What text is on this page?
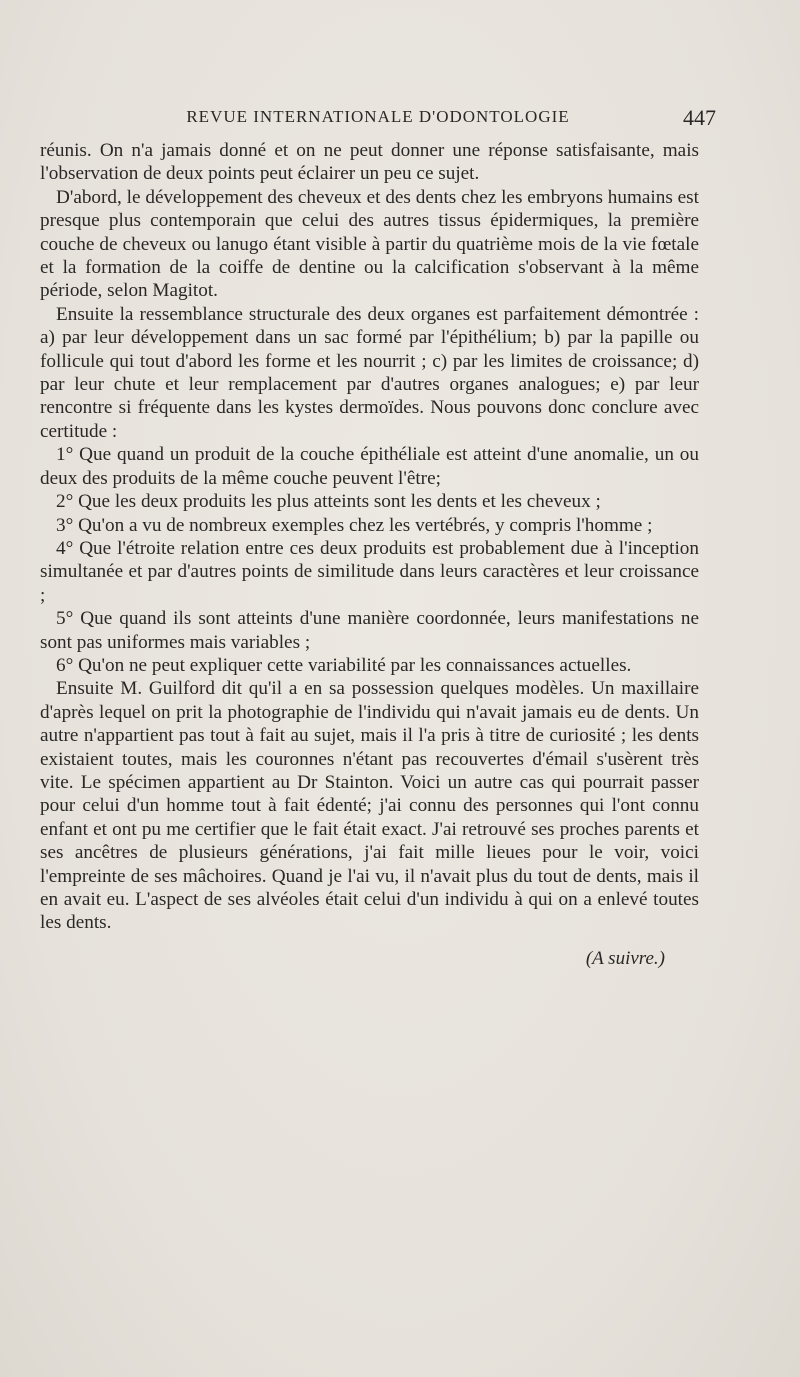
REVUE INTERNATIONALE D'ODONTOLOGIE	447

réunis. On n'a jamais donné et on ne peut donner une réponse satisfaisante, mais l'observation de deux points peut éclairer un peu ce sujet.

D'abord, le développement des cheveux et des dents chez les embryons humains est presque plus contemporain que celui des autres tissus épidermiques, la première couche de cheveux ou lanugo étant visible à partir du quatrième mois de la vie fœtale et la formation de la coiffe de dentine ou la calcification s'observant à la même période, selon Magitot.

Ensuite la ressemblance structurale des deux organes est parfaitement démontrée : a) par leur développement dans un sac formé par l'épithélium; b) par la papille ou follicule qui tout d'abord les forme et les nourrit ; c) par les limites de croissance; d) par leur chute et leur remplacement par d'autres organes analogues; e) par leur rencontre si fréquente dans les kystes dermoïdes. Nous pouvons donc conclure avec certitude :

1° Que quand un produit de la couche épithéliale est atteint d'une anomalie, un ou deux des produits de la même couche peuvent l'être;

2° Que les deux produits les plus atteints sont les dents et les cheveux ;

3° Qu'on a vu de nombreux exemples chez les vertébrés, y compris l'homme ;

4° Que l'étroite relation entre ces deux produits est probablement due à l'inception simultanée et par d'autres points de similitude dans leurs caractères et leur croissance ;

5° Que quand ils sont atteints d'une manière coordonnée, leurs manifestations ne sont pas uniformes mais variables ;

6° Qu'on ne peut expliquer cette variabilité par les connaissances actuelles.

Ensuite M. Guilford dit qu'il a en sa possession quelques modèles. Un maxillaire d'après lequel on prit la photographie de l'individu qui n'avait jamais eu de dents. Un autre n'appartient pas tout à fait au sujet, mais il l'a pris à titre de curiosité ; les dents existaient toutes, mais les couronnes n'étant pas recouvertes d'émail s'usèrent très vite. Le spécimen appartient au Dr Stainton. Voici un autre cas qui pourrait passer pour celui d'un homme tout à fait édenté; j'ai connu des personnes qui l'ont connu enfant et ont pu me certifier que le fait était exact. J'ai retrouvé ses proches parents et ses ancêtres de plusieurs générations, j'ai fait mille lieues pour le voir, voici l'empreinte de ses mâchoires. Quand je l'ai vu, il n'avait plus du tout de dents, mais il en avait eu. L'aspect de ses alvéoles était celui d'un individu à qui on a enlevé toutes les dents.

(A suivre.)
